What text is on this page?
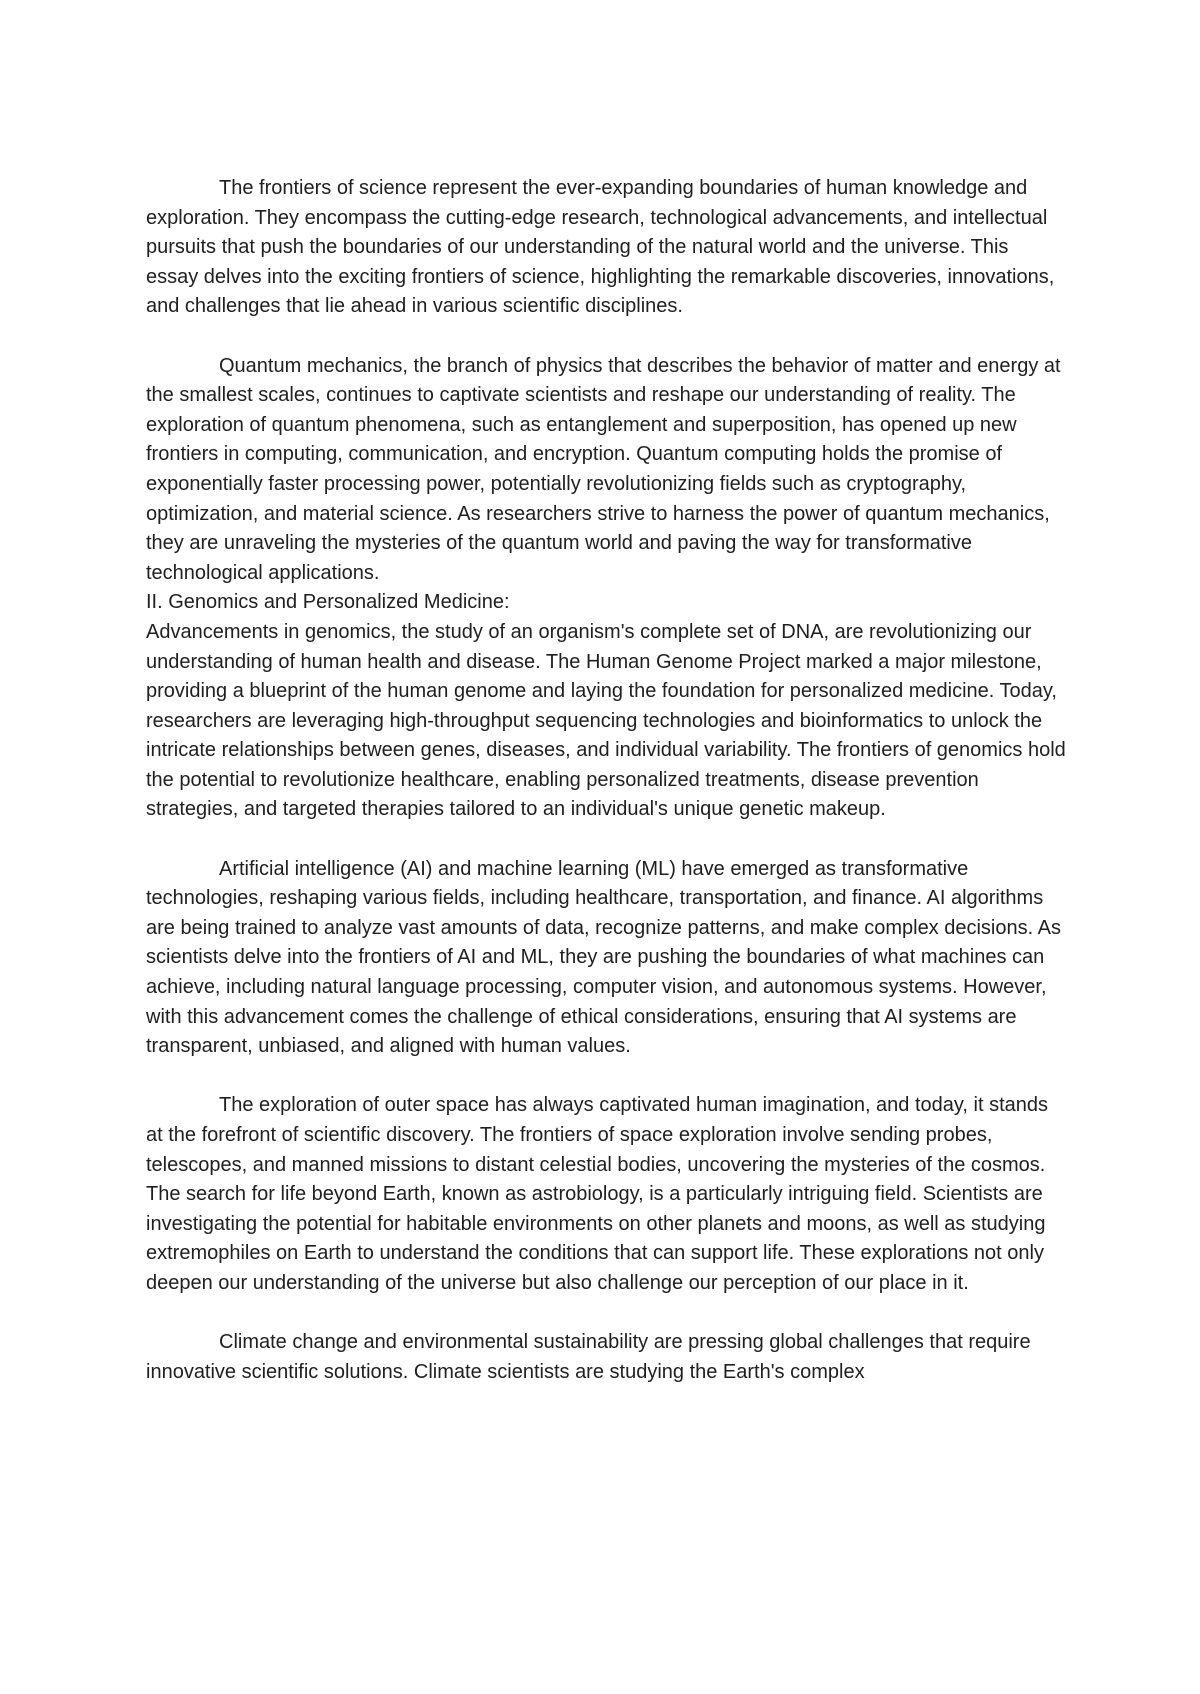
The frontiers of science represent the ever-expanding boundaries of human knowledge and exploration. They encompass the cutting-edge research, technological advancements, and intellectual pursuits that push the boundaries of our understanding of the natural world and the universe. This essay delves into the exciting frontiers of science, highlighting the remarkable discoveries, innovations, and challenges that lie ahead in various scientific disciplines.

Quantum mechanics, the branch of physics that describes the behavior of matter and energy at the smallest scales, continues to captivate scientists and reshape our understanding of reality. The exploration of quantum phenomena, such as entanglement and superposition, has opened up new frontiers in computing, communication, and encryption. Quantum computing holds the promise of exponentially faster processing power, potentially revolutionizing fields such as cryptography, optimization, and material science. As researchers strive to harness the power of quantum mechanics, they are unraveling the mysteries of the quantum world and paving the way for transformative technological applications.

II. Genomics and Personalized Medicine:

Advancements in genomics, the study of an organism's complete set of DNA, are revolutionizing our understanding of human health and disease. The Human Genome Project marked a major milestone, providing a blueprint of the human genome and laying the foundation for personalized medicine. Today, researchers are leveraging high-throughput sequencing technologies and bioinformatics to unlock the intricate relationships between genes, diseases, and individual variability. The frontiers of genomics hold the potential to revolutionize healthcare, enabling personalized treatments, disease prevention strategies, and targeted therapies tailored to an individual's unique genetic makeup.

Artificial intelligence (AI) and machine learning (ML) have emerged as transformative technologies, reshaping various fields, including healthcare, transportation, and finance. AI algorithms are being trained to analyze vast amounts of data, recognize patterns, and make complex decisions. As scientists delve into the frontiers of AI and ML, they are pushing the boundaries of what machines can achieve, including natural language processing, computer vision, and autonomous systems. However, with this advancement comes the challenge of ethical considerations, ensuring that AI systems are transparent, unbiased, and aligned with human values.

The exploration of outer space has always captivated human imagination, and today, it stands at the forefront of scientific discovery. The frontiers of space exploration involve sending probes, telescopes, and manned missions to distant celestial bodies, uncovering the mysteries of the cosmos. The search for life beyond Earth, known as astrobiology, is a particularly intriguing field. Scientists are investigating the potential for habitable environments on other planets and moons, as well as studying extremophiles on Earth to understand the conditions that can support life. These explorations not only deepen our understanding of the universe but also challenge our perception of our place in it.

Climate change and environmental sustainability are pressing global challenges that require innovative scientific solutions. Climate scientists are studying the Earth's complex
